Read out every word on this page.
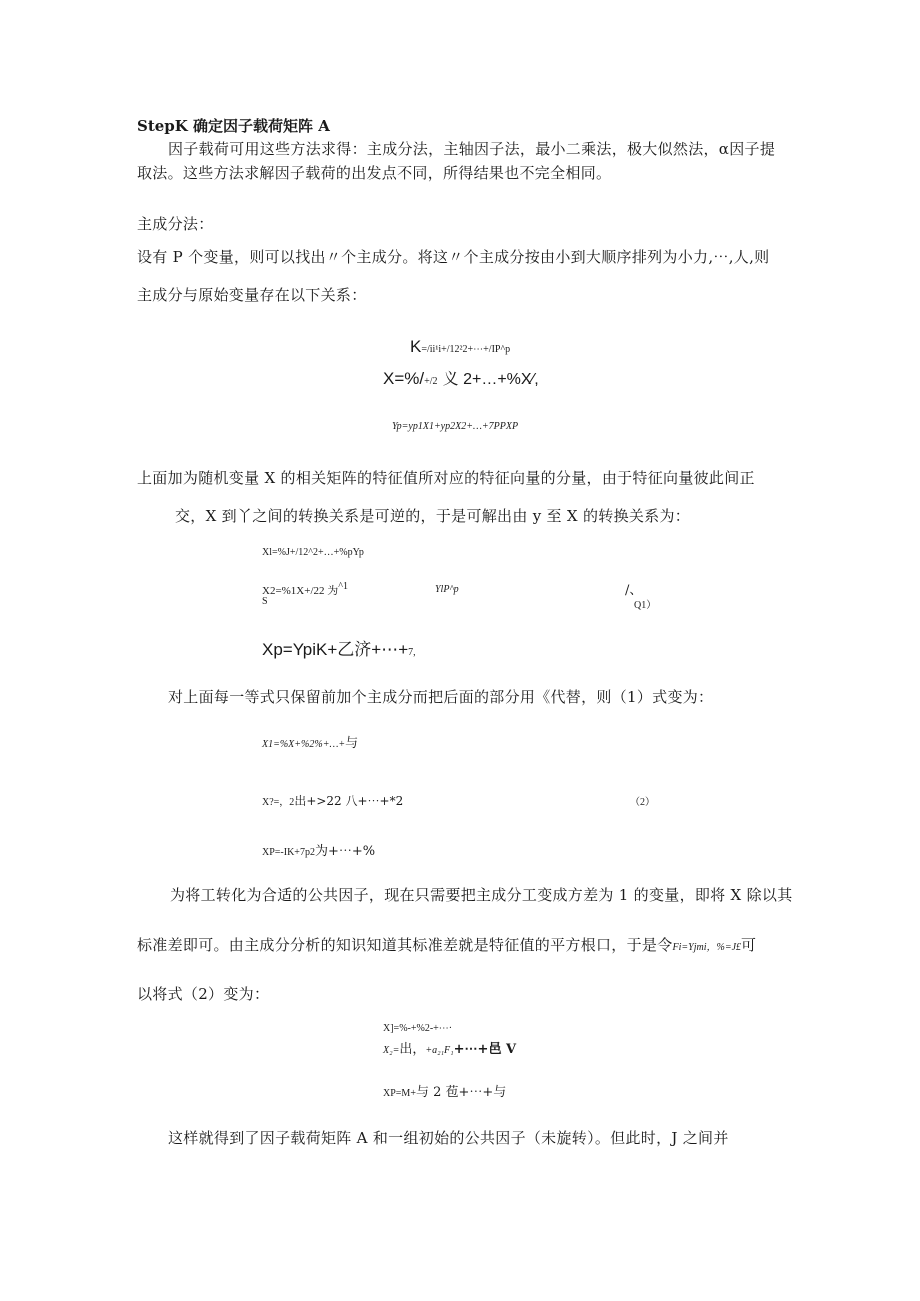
StepK 确定因子载荷矩阵 A
因子载荷可用这些方法求得：主成分法，主轴因子法，最小二乘法，极大似然法，α因子提
取法。这些方法求解因子载荷的出发点不同，所得结果也不完全相同。
主成分法：
设有 P 个变量，则可以找出〃个主成分。将这〃个主成分按由小到大顺序排列为小力,⋯,人,则
主成分与原始变量存在以下关系：
K=/ii¹i+/12²2+⋯+/IP^p
X=%/+/2 义 2+…+%X∕,
Yp=yp1X1+yp2X2+…+7PPXP
上面加为随机变量 X 的相关矩阵的特征值所对应的特征向量的分量，由于特征向量彼此间正
交，X 到丫之间的转换关系是可逆的，于是可解出由 y 至 X 的转换关系为：
Xl=%J+/12^2+…+%pYp
X2=%1X+/22 为$^{\^{}1}$
S
YlP^p	/、
Q1）
Xp=YpiK+乙济+⋯+7,
对上面每一等式只保留前加个主成分而把后面的部分用《代替，则（1）式变为：
X1=%X+%2%+…+与
X?=，2出+>22 八+⋯+*2	（2）
XP=-IK+7p2为+⋯+%
为将工转化为合适的公共因子，现在只需要把主成分工变成方差为 1 的变量，即将 X 除以其
标准差即可。由主成分分析的知识知道其标准差就是特征值的平方根口，于是令Fi=Yjmi，%=J£可
以将式（2）变为：
X]=%-+%2-+⋯·
X₂=出，+a₂₁F₁+⋯+邑 V
XP=M+与 2 苞+⋯+与
这样就得到了因子载荷矩阵 A 和一组初始的公共因子（未旋转）。但此时，J 之间并
